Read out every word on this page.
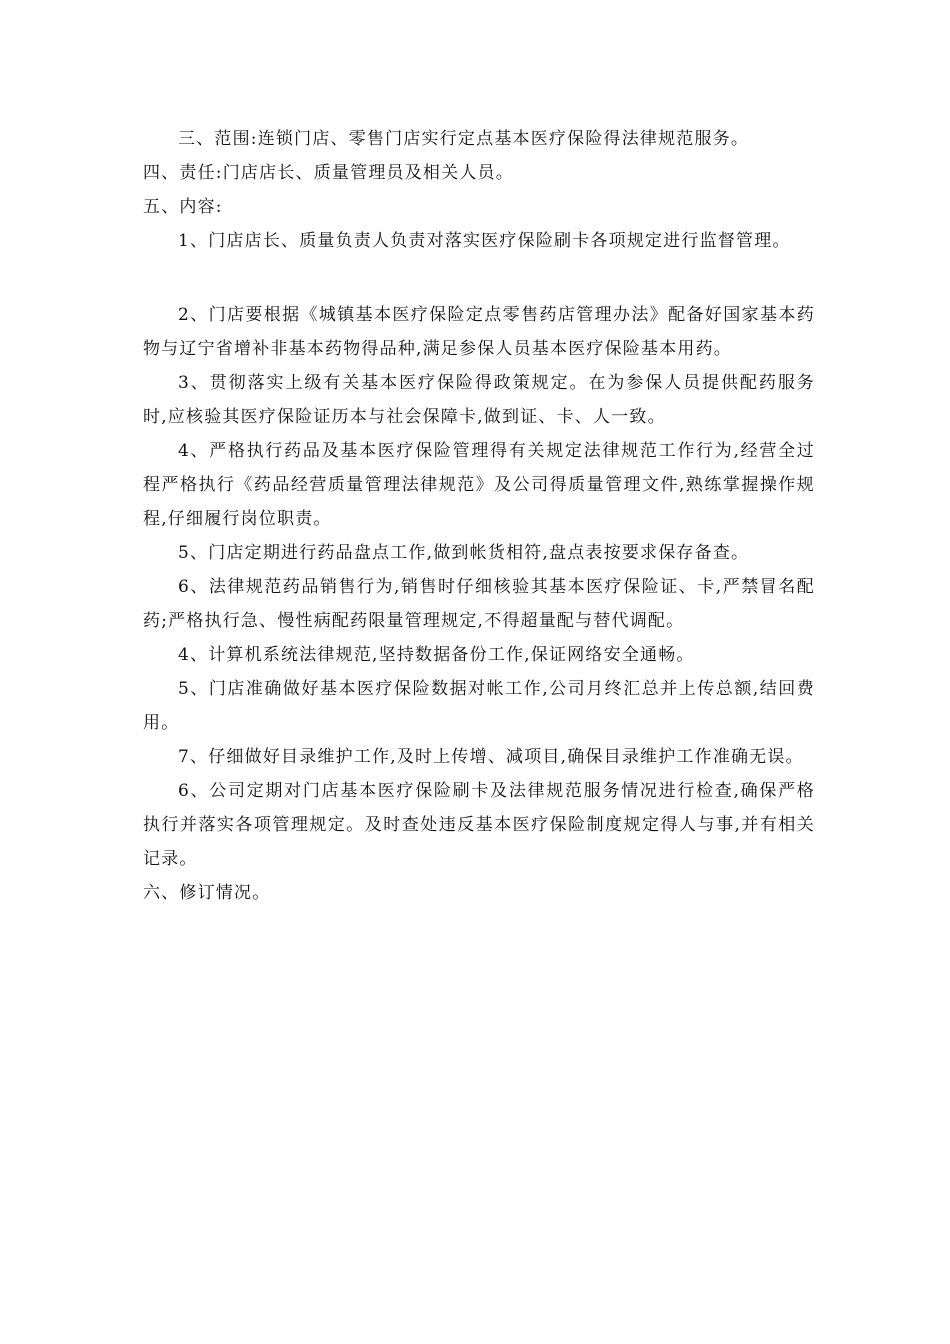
三、范围:连锁门店、零售门店实行定点基本医疗保险得法律规范服务。

四、责任:门店店长、质量管理员及相关人员。

五、内容:

1、门店店长、质量负责人负责对落实医疗保险刷卡各项规定进行监督管理。

2、门店要根据《城镇基本医疗保险定点零售药店管理办法》配备好国家基本药物与辽宁省增补非基本药物得品种,满足参保人员基本医疗保险基本用药。

3、贯彻落实上级有关基本医疗保险得政策规定。在为参保人员提供配药服务时,应核验其医疗保险证历本与社会保障卡,做到证、卡、人一致。

4、严格执行药品及基本医疗保险管理得有关规定法律规范工作行为,经营全过程严格执行《药品经营质量管理法律规范》及公司得质量管理文件,熟练掌握操作规程,仔细履行岗位职责。

5、门店定期进行药品盘点工作,做到帐货相符,盘点表按要求保存备查。

6、法律规范药品销售行为,销售时仔细核验其基本医疗保险证、卡,严禁冒名配药;严格执行急、慢性病配药限量管理规定,不得超量配与替代调配。

4、计算机系统法律规范,坚持数据备份工作,保证网络安全通畅。

5、门店准确做好基本医疗保险数据对帐工作,公司月终汇总并上传总额,结回费用。

7、仔细做好目录维护工作,及时上传增、减项目,确保目录维护工作准确无误。

6、公司定期对门店基本医疗保险刷卡及法律规范服务情况进行检查,确保严格执行并落实各项管理规定。及时查处违反基本医疗保险制度规定得人与事,并有相关记录。

六、修订情况。
